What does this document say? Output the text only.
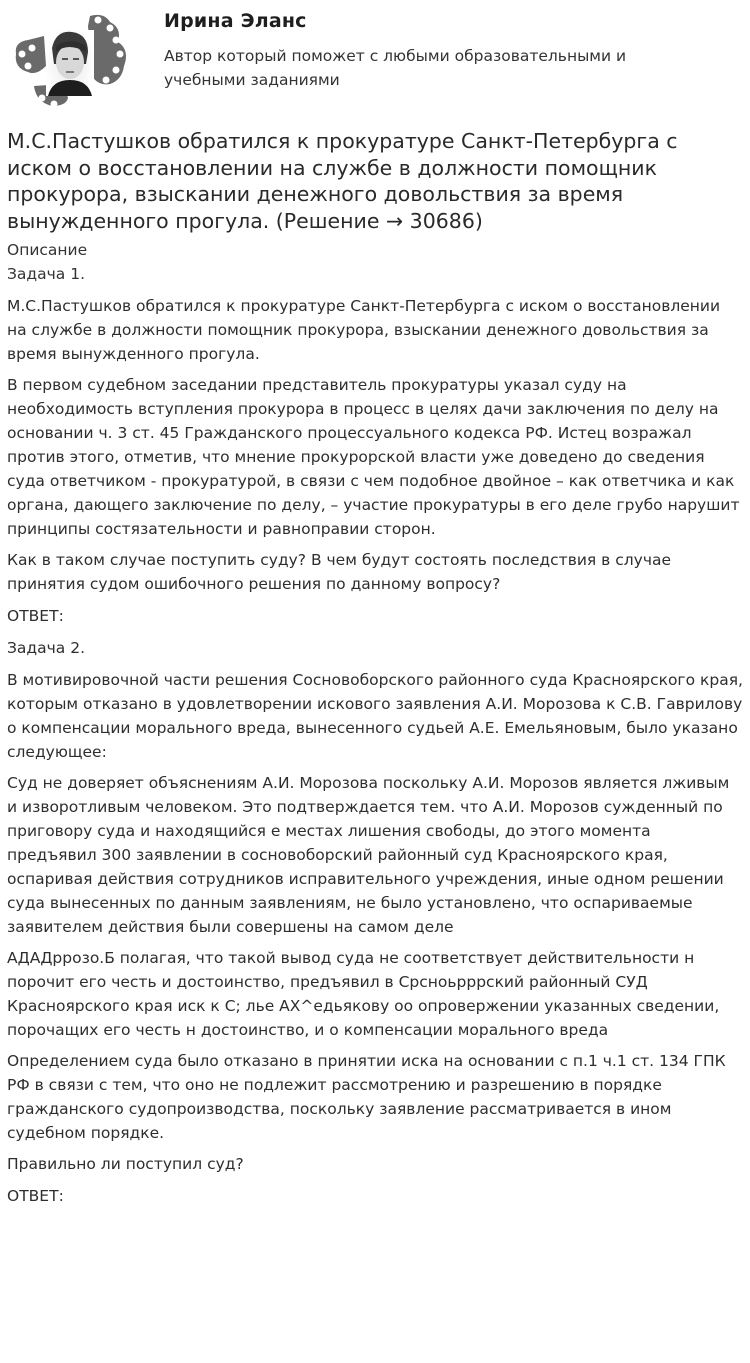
Ирина Эланс
Автор который поможет с любыми образовательными и учебными заданиями
М.С.Пастушков обратился к прокуратуре Санкт-Петербурга с иском о восстановлении на службе в должности помощник прокурора, взыскании денежного довольствия за время вынужденного прогула. (Решение → 30686)
Описание
Задача 1.

М.С.Пастушков обратился к прокуратуре Санкт-Петербурга с иском о восстановлении на службе в должности помощник прокурора, взыскании денежного довольствия за время вынужденного прогула.

В первом судебном заседании представитель прокуратуры указал суду на необходимость вступления прокурора в процесс в целях дачи заключения по делу на основании ч. 3 ст. 45 Гражданского процессуального кодекса РФ. Истец возражал против этого, отметив, что мнение прокурорской власти уже доведено до сведения суда ответчиком - прокуратурой, в связи с чем подобное двойное – как ответчика и как органа, дающего заключение по делу, – участие прокуратуры в его деле грубо нарушит принципы состязательности и равноправии сторон.

Как в таком случае поступить суду? В чем будут состоять последствия в случае принятия судом ошибочного решения по данному вопросу?

ОТВЕТ:

Задача 2.

В мотивировочной части решения Сосновоборского районного суда Красноярского края, которым отказано в удовлетворении искового заявления А.И. Морозова к С.В. Гаврилову о компенсации морального вреда, вынесенного судьей А.Е. Емельяновым, было указано следующее:

Суд не доверяет объяснениям А.И. Морозова поскольку А.И. Морозов является лживым и изворотливым человеком. Это подтверждается тем. что А.И. Морозов сужденный по приговору суда и находящийся е местах лишения свободы, до этого момента предъявил 300 заявлении в сосновоборский районный суд Красноярского края, оспаривая действия сотрудников исправительного учреждения, иные одном решении суда вынесенных по данным заявлениям, не было установлено, что оспариваемые заявителем действия были совершены на самом деле

АДАДррозо.Б полагая, что такой вывод суда не соответствует действительности н порочит его честь и достоинство, предъявил в Срсноьрррский районный СУД Красноярского края иск к С; лье АХ^едьякову оо опровержении указанных сведении, порочащих его честь н достоинство, и о компенсации морального вреда

Определением суда было отказано в принятии иска на основании с п.1 ч.1 ст. 134 ГПК РФ в связи с тем, что оно не подлежит рассмотрению и разрешению в порядке гражданского судопроизводства, поскольку заявление рассматривается в ином судебном порядке.

Правильно ли поступил суд?

ОТВЕТ:
